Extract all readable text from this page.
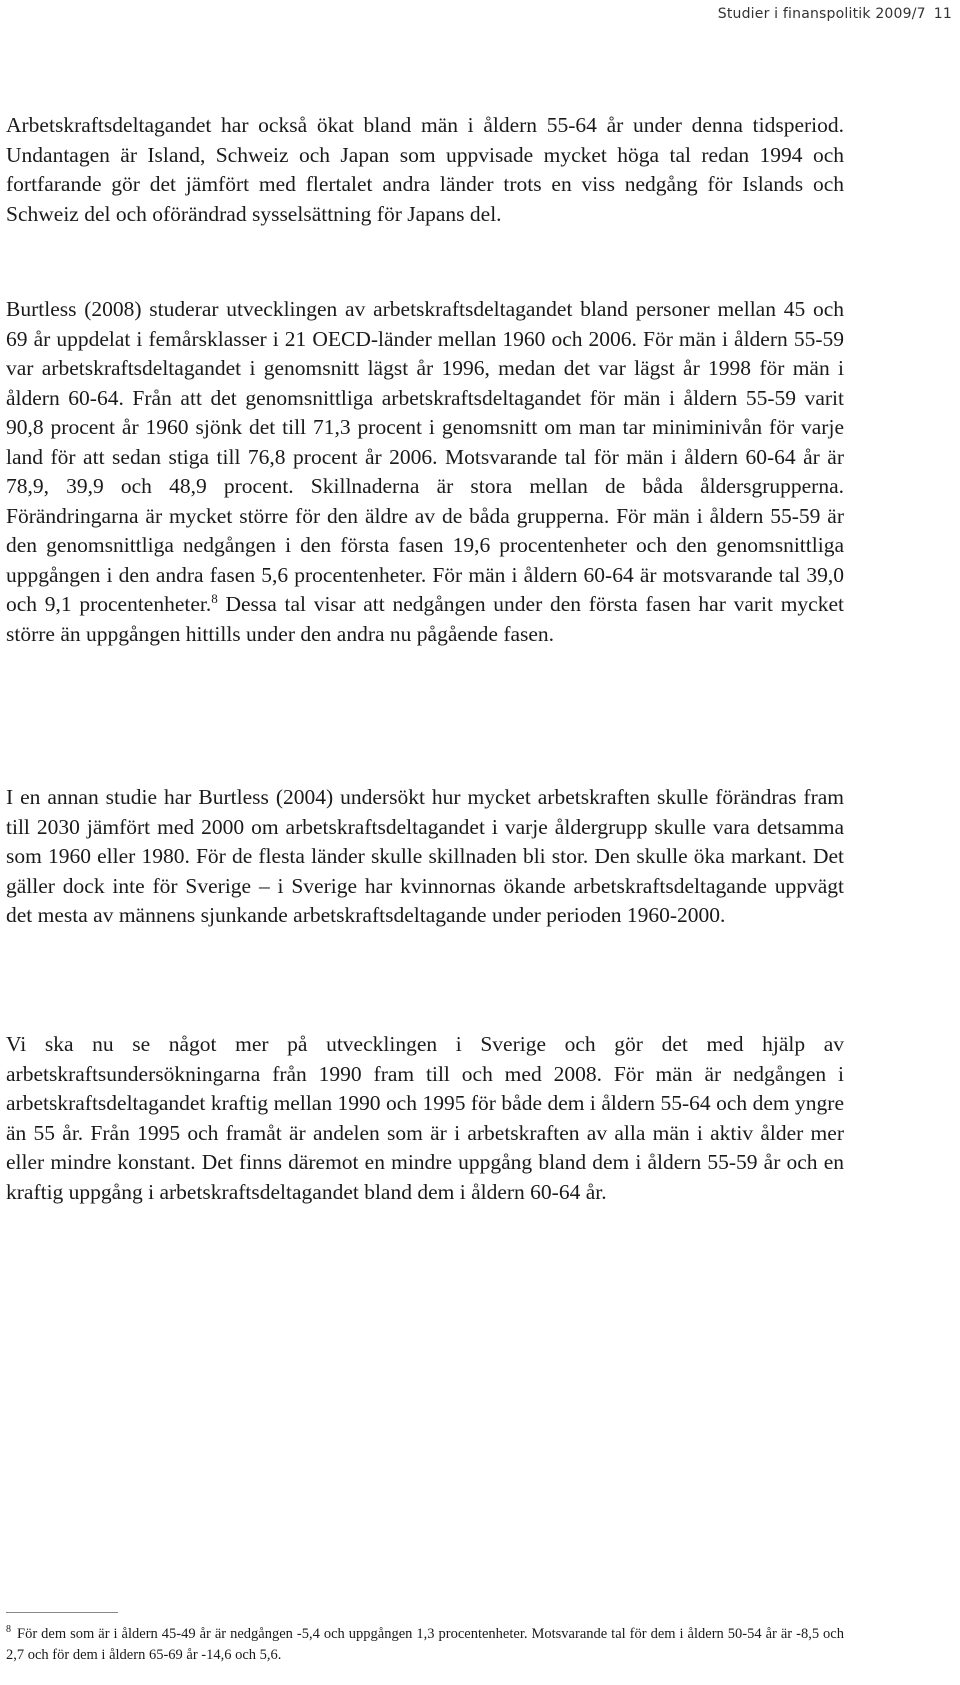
Studier i finanspolitik 2009/7 11

Arbetskraftsdeltagandet har också ökat bland män i åldern 55-64 år under denna tidsperiod. Undantagen är Island, Schweiz och Japan som uppvisade mycket höga tal redan 1994 och fortfarande gör det jämfört med flertalet andra länder trots en viss nedgång för Islands och Schweiz del och oförändrad sysselsättning för Japans del.

Burtless (2008) studerar utvecklingen av arbetskraftsdeltagandet bland personer mellan 45 och 69 år uppdelat i femårsklasser i 21 OECD-länder mellan 1960 och 2006. För män i åldern 55-59 var arbetskraftsdeltagandet i genomsnitt lägst år 1996, medan det var lägst år 1998 för män i åldern 60-64. Från att det genomsnittliga arbetskraftsdeltagandet för män i åldern 55-59 varit 90,8 procent år 1960 sjönk det till 71,3 procent i genomsnitt om man tar miniminivån för varje land för att sedan stiga till 76,8 procent år 2006. Motsvarande tal för män i åldern 60-64 år är 78,9, 39,9 och 48,9 procent. Skillnaderna är stora mellan de båda åldersgrupperna. Förändringarna är mycket större för den äldre av de båda grupperna. För män i åldern 55-59 är den genomsnittliga nedgången i den första fasen 19,6 procentenheter och den genomsnittliga uppgången i den andra fasen 5,6 procentenheter. För män i åldern 60-64 är motsvarande tal 39,0 och 9,1 procentenheter.$^8$ Dessa tal visar att nedgången under den första fasen har varit mycket större än uppgången hittills under den andra nu pågående fasen.

I en annan studie har Burtless (2004) undersökt hur mycket arbetskraften skulle förändras fram till 2030 jämfört med 2000 om arbetskraftsdeltagandet i varje åldergrupp skulle vara detsamma som 1960 eller 1980. För de flesta länder skulle skillnaden bli stor. Den skulle öka markant. Det gäller dock inte för Sverige – i Sverige har kvinnornas ökande arbetskraftsdeltagande uppvägt det mesta av männens sjunkande arbetskraftsdeltagande under perioden 1960-2000.

Vi ska nu se något mer på utvecklingen i Sverige och gör det med hjälp av arbetskraftsundersökningarna från 1990 fram till och med 2008. För män är nedgången i arbetskraftsdeltagandet kraftig mellan 1990 och 1995 för både dem i åldern 55-64 och dem yngre än 55 år. Från 1995 och framåt är andelen som är i arbetskraften av alla män i aktiv ålder mer eller mindre konstant. Det finns däremot en mindre uppgång bland dem i åldern 55-59 år och en kraftig uppgång i arbetskraftsdeltagandet bland dem i åldern 60-64 år.

$^8$ För dem som är i åldern 45-49 år är nedgången -5,4 och uppgången 1,3 procentenheter. Motsvarande tal för dem i åldern 50-54 år är -8,5 och 2,7 och för dem i åldern 65-69 år -14,6 och 5,6.
